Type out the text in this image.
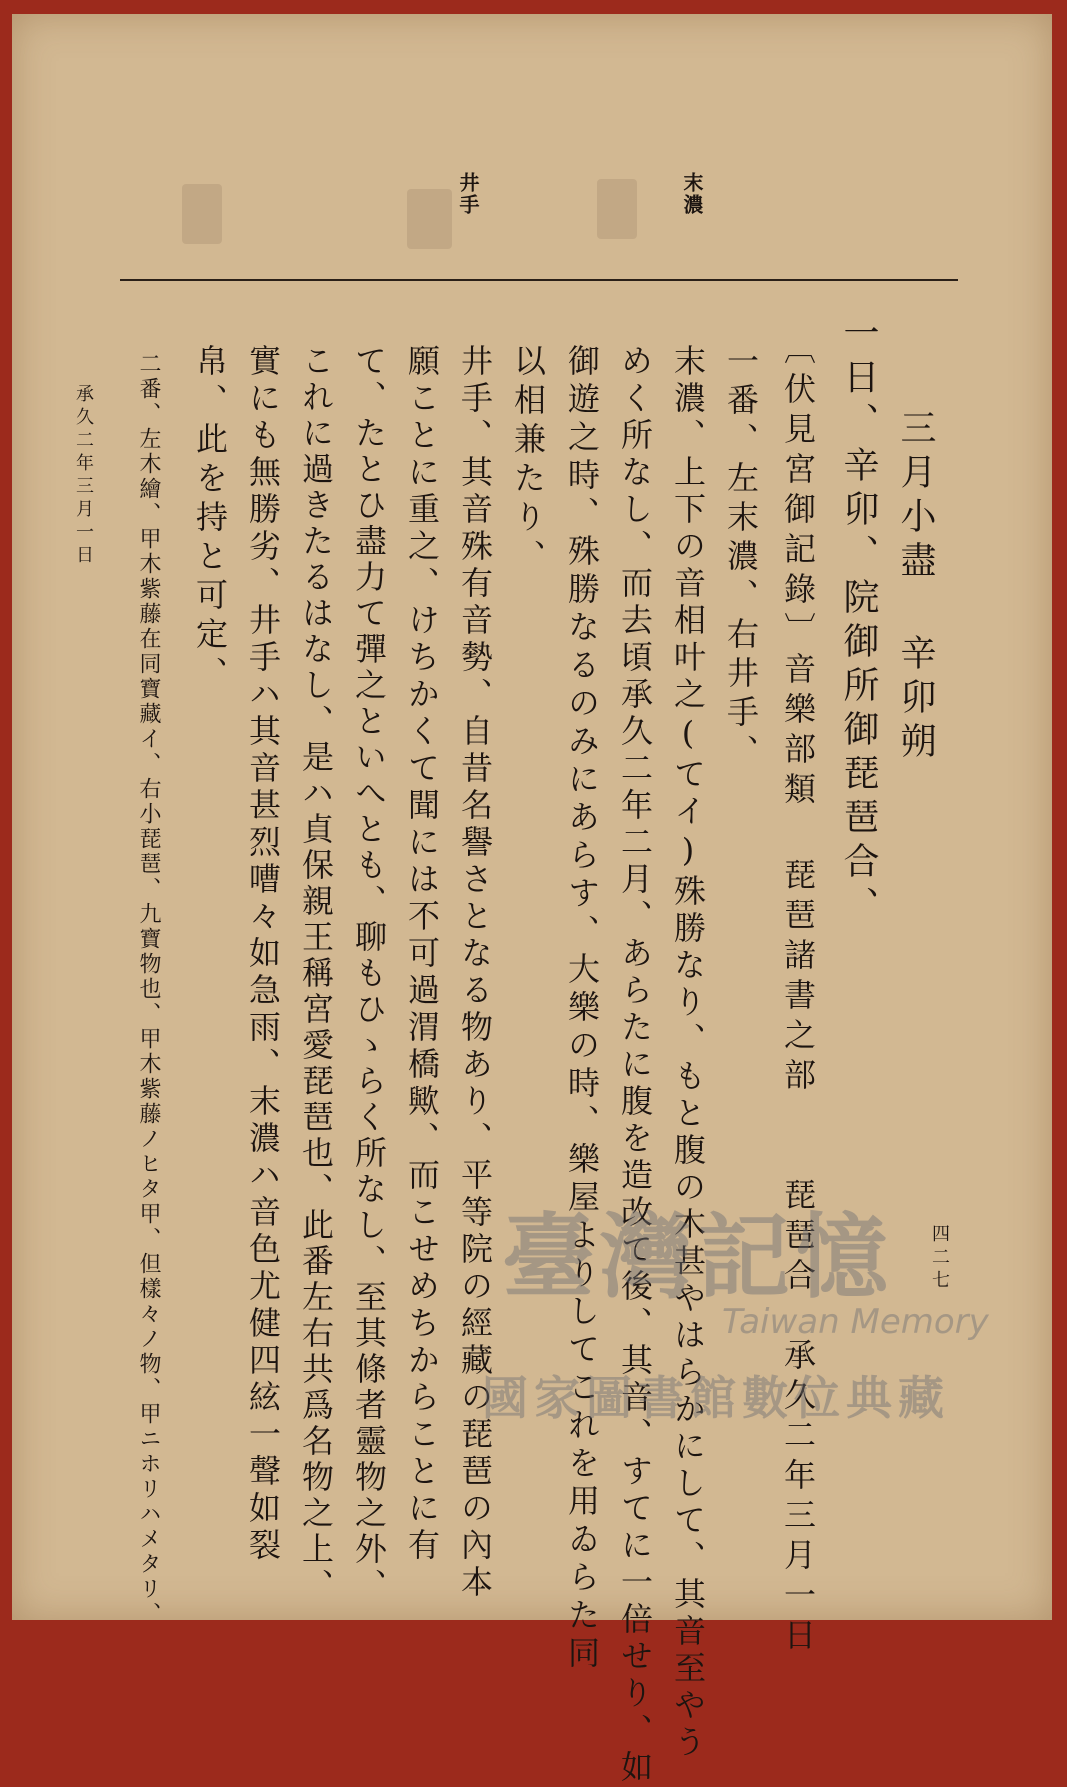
末濃
井手
三月小盡 辛卯朔
一日、辛卯、院御所御琵琶合、
〔伏見宮御記錄〕音樂部類 琵琶諸書之部　　琵琶合　承久二年三月一日
一番、左末濃、右井手、
末濃、上下の音相叶之(てイ)殊勝なり、もと腹の木甚やはらかにして、其音至やう
めく所なし、而去頃承久二年二月、あらたに腹を造改て後、其音、すてに一倍せり、如
御遊之時、殊勝なるのみにあらす、大樂の時、樂屋よりしてこれを用ゐらた同
以相兼たり、
井手、其音殊有音勢、自昔名譽さとなる物あり、平等院の經藏の琵琶の內本
願ことに重之、けちかくて聞には不可過渭橋歟、而こせめちからことに有
て、たとひ盡力て彈之といへとも、聊もひゝらく所なし、至其條者靈物之外、
これに過きたるはなし、是ハ貞保親王稱宮愛琵琶也、此番左右共爲名物之上、
實にも無勝劣、井手ハ其音甚烈嘈々如急雨、末濃ハ音色尤健四絃一聲如裂
帛、此を持と可定、
二番、左木繪、甲木紫藤在同寶藏イ、右小琵琶、九寶物也、甲木紫藤ノヒタ甲、但樣々ノ物、甲ニホリハメタリ、
承久二年三月一日
四二七
臺灣記憶
Taiwan Memory
國家圖書館數位典藏
